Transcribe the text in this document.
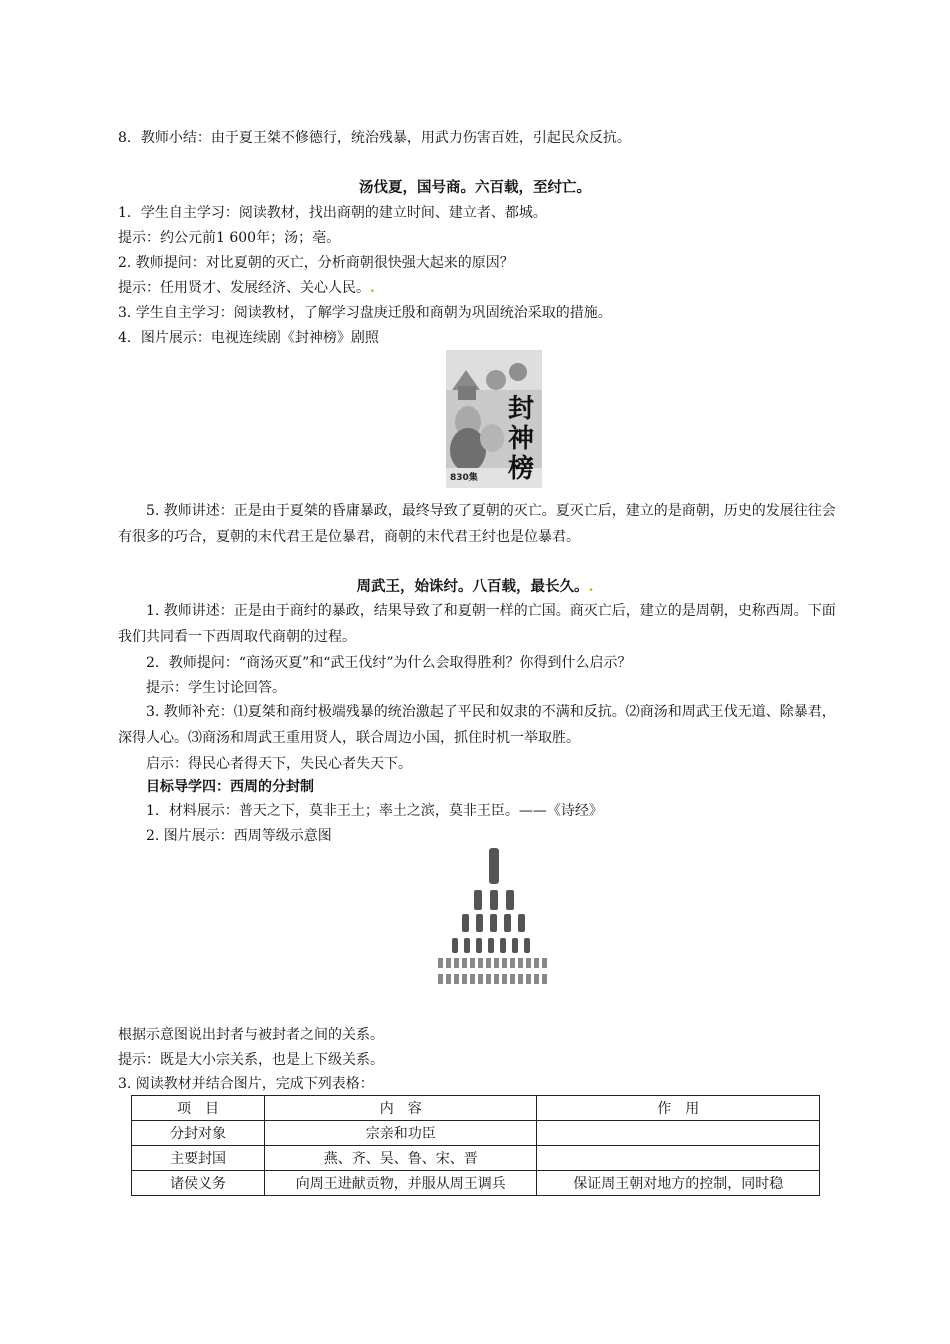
8．教师小结：由于夏王桀不修德行，统治残暴，用武力伤害百姓，引起民众反抗。
汤伐夏，国号商。六百载，至纣亡。
1．学生自主学习：阅读教材，找出商朝的建立时间、建立者、都城。
提示：约公元前1 600年；汤；亳。
2. 教师提问：对比夏朝的灭亡，分析商朝很快强大起来的原因？
提示：任用贤才、发展经济、关心人民。.
3. 学生自主学习：阅读教材，了解学习盘庚迁殷和商朝为巩固统治采取的措施。
4．图片展示：电视连续剧《封神榜》剧照
封神榜
830集
5. 教师讲述：正是由于夏桀的昏庸暴政，最终导致了夏朝的灭亡。夏灭亡后，建立的是商朝，历史的发展往往会有很多的巧合，夏朝的末代君王是位暴君，商朝的末代君王纣也是位暴君。
周武王，始诛纣。八百载，最长久。.
1. 教师讲述：正是由于商纣的暴政，结果导致了和夏朝一样的亡国。商灭亡后，建立的是周朝，史称西周。下面我们共同看一下西周取代商朝的过程。
2．教师提问：“商汤灭夏”和“武王伐纣”为什么会取得胜利？你得到什么启示？
提示：学生讨论回答。
3. 教师补充：⑴夏桀和商纣极端残暴的统治激起了平民和奴隶的不满和反抗。⑵商汤和周武王伐无道、除暴君，深得人心。⑶商汤和周武王重用贤人，联合周边小国，抓住时机一举取胜。
启示：得民心者得天下，失民心者失天下。
目标导学四：西周的分封制
1．材料展示：普天之下，莫非王土；率土之滨，莫非王臣。——《诗经》
2. 图片展示：西周等级示意图
根据示意图说出封者与被封者之间的关系。
提示：既是大小宗关系，也是上下级关系。
3. 阅读教材并结合图片，完成下列表格：
项　目	内　容	作　用
分封对象	宗亲和功臣	
主要封国	燕、齐、吴、鲁、宋、晋	
诸侯义务	向周王进献贡物，并服从周王调兵	保证周王朝对地方的控制，同时稳
